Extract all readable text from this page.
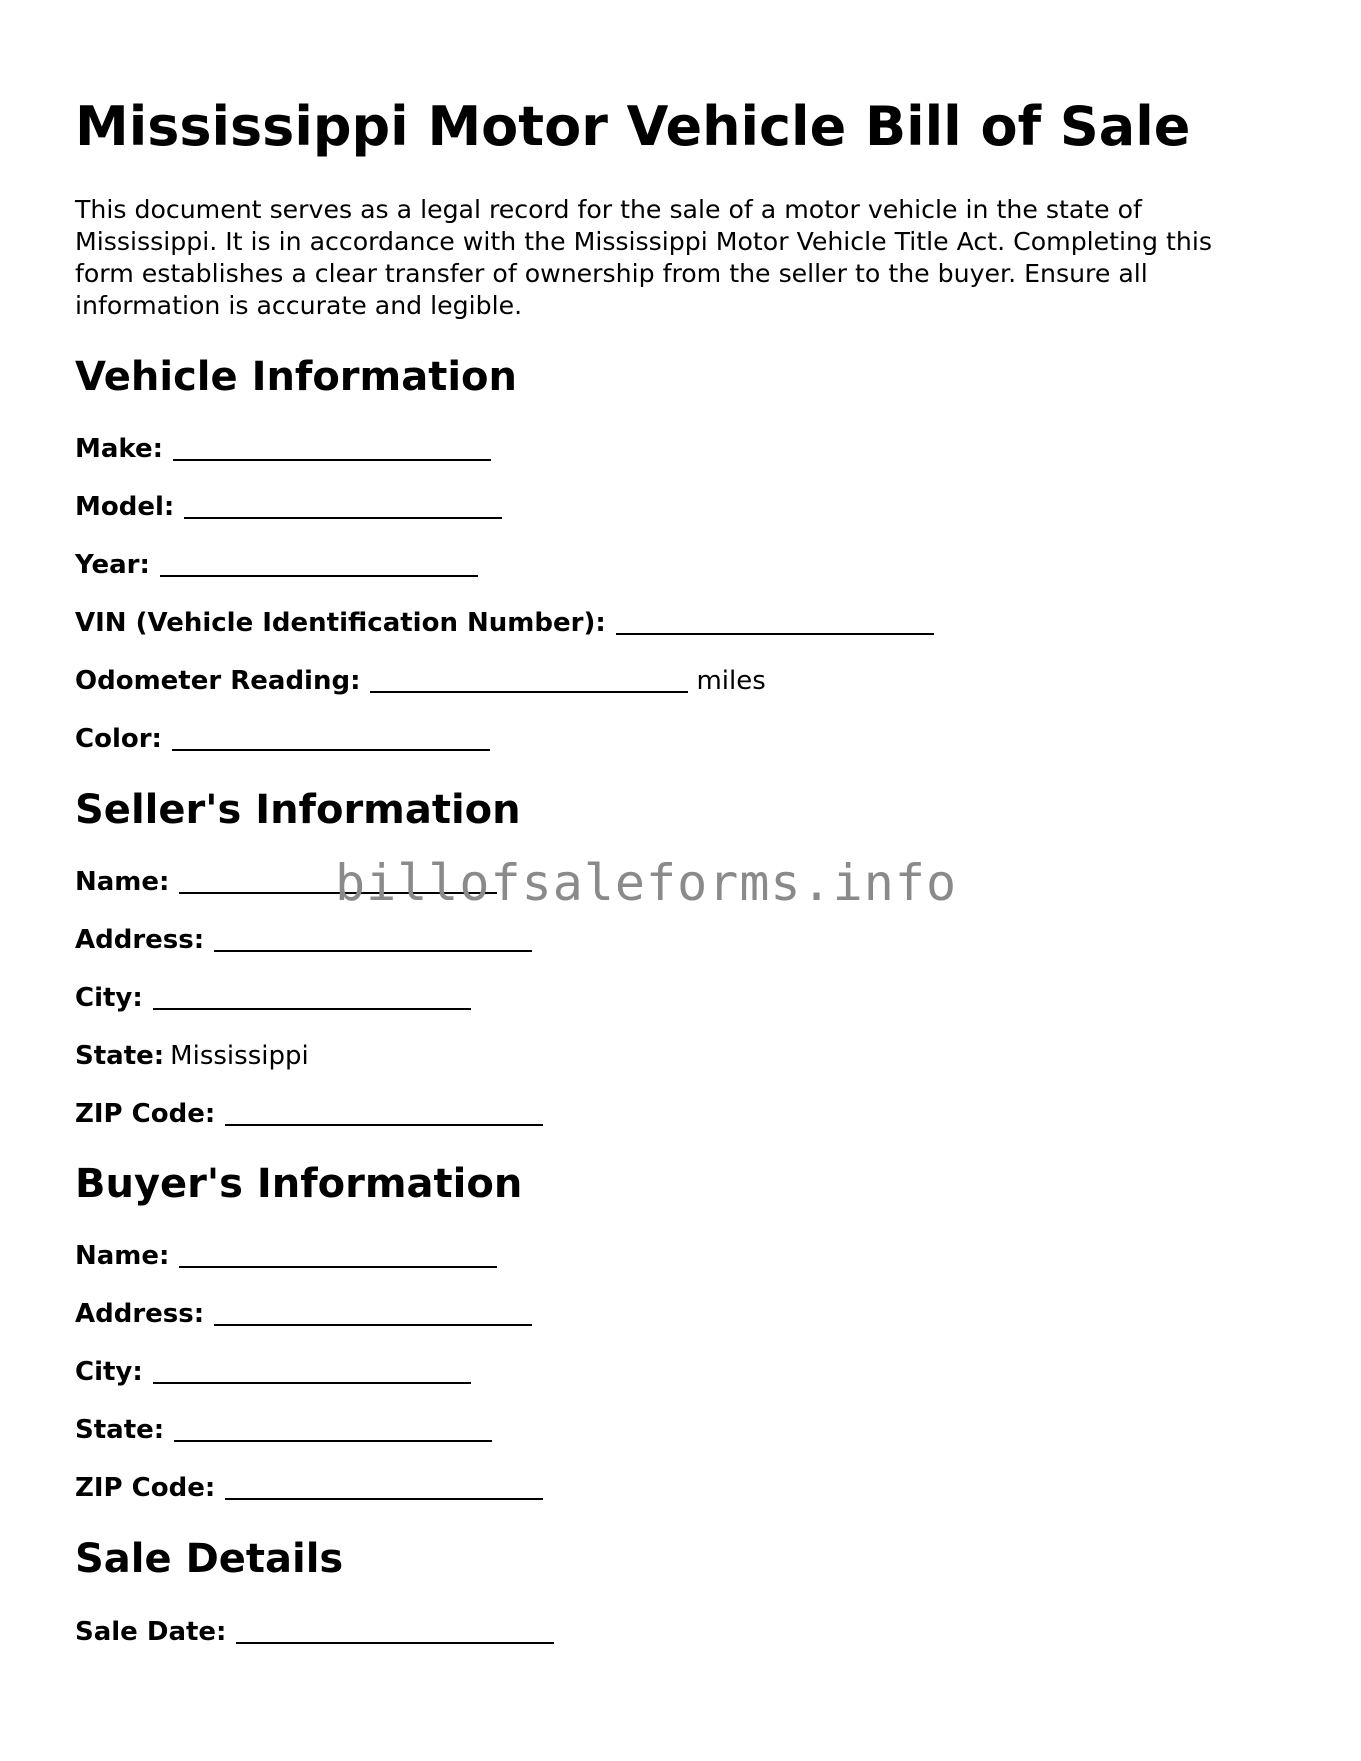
Mississippi Motor Vehicle Bill of Sale

This document serves as a legal record for the sale of a motor vehicle in the state of Mississippi. It is in accordance with the Mississippi Motor Vehicle Title Act. Completing this form establishes a clear transfer of ownership from the seller to the buyer. Ensure all information is accurate and legible.

Vehicle Information
Make:
Model:
Year:
VIN (Vehicle Identification Number):
Odometer Reading:	miles
Color:
Seller's Information
Name:
Address:
City:
State: Mississippi
ZIP Code:
Buyer's Information
Name:
Address:
City:
State:
ZIP Code:
Sale Details
Sale Date:
billofsaleforms.info
